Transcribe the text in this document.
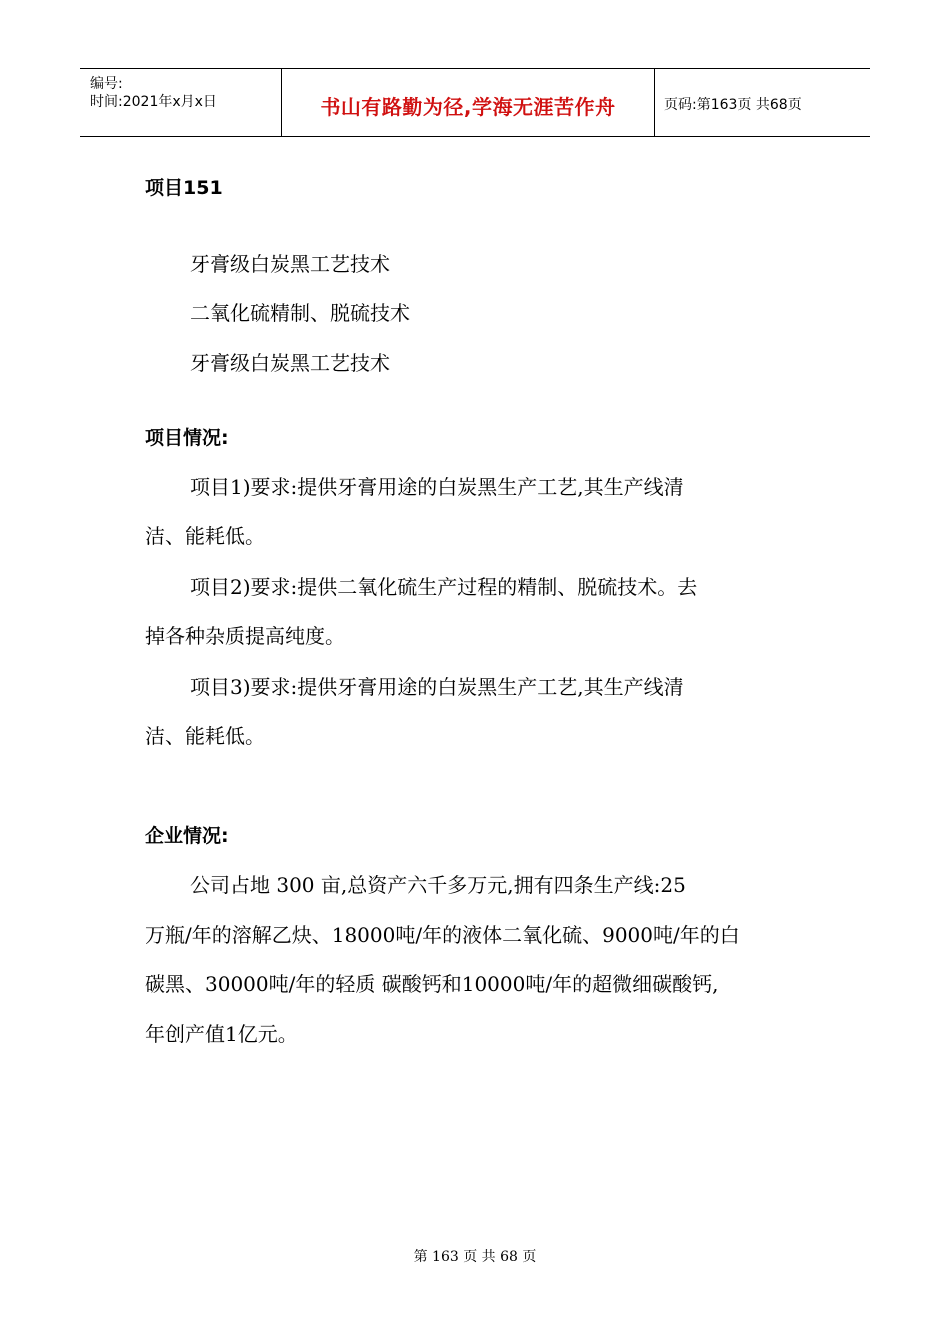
编号:
时间:2021年x月x日	书山有路勤为径,学海无涯苦作舟	页码:第163页 共68页
项目151
牙膏级白炭黑工艺技术
二氧化硫精制、脱硫技术
牙膏级白炭黑工艺技术
项目情况:
项目1)要求:提供牙膏用途的白炭黑生产工艺,其生产线清
洁、能耗低。
项目2)要求:提供二氧化硫生产过程的精制、脱硫技术。去
掉各种杂质提高纯度。
项目3)要求:提供牙膏用途的白炭黑生产工艺,其生产线清
洁、能耗低。
企业情况:
公司占地 300 亩,总资产六千多万元,拥有四条生产线:25
万瓶/年的溶解乙炔、18000吨/年的液体二氧化硫、9000吨/年的白
碳黑、30000吨/年的轻质 碳酸钙和10000吨/年的超微细碳酸钙,
年创产值1亿元。
第 163 页 共 68 页
